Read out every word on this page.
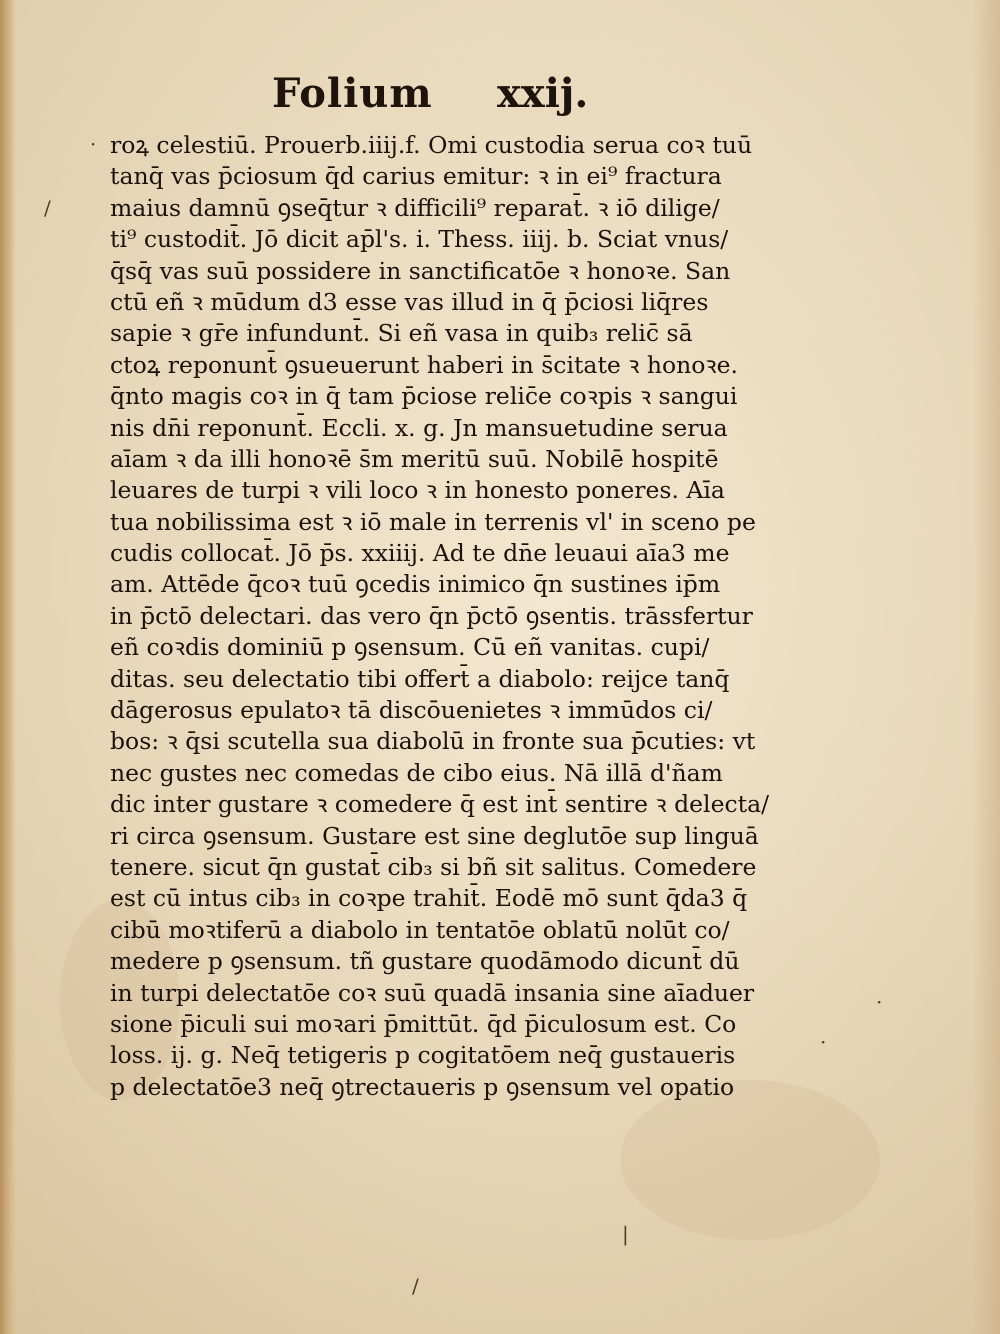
Folium xxij.
roꝝ celestiū. Prouerb.iiij.f. Omi custodia serua coꝛ tuū
tanq̄ vas p̄ciosum q̄d carius emitur: ꝛ in ei⁹ fractura
maius damnū ꝯseq̄tur ꝛ difficili⁹ reparat̄. ꝛ iō dilige/
ti⁹ custodit̄. Jō dicit ap̄l's. i. Thess. iiij. b. Sciat vnus/
q̄sq̄ vas suū possidere in sanctificatōe ꝛ honoꝛe. San
ctū eñ ꝛ mūdum d3 esse vas illud in q̄ p̄ciosi liq̄res
sapie ꝛ gr̄e infundunt̄. Si eñ vasa in quib₃ relic̄ sā
ctoꝝ reponunt̄ ꝯsueuerunt haberi in s̄citate ꝛ honoꝛe.
q̄nto magis coꝛ in q̄ tam p̄ciose relic̄e coꝛpis ꝛ sangui
nis dn̄i reponunt̄. Eccli. x. g. Jn mansuetudine serua
aīam ꝛ da illi honoꝛē s̄m meritū suū. Nobilē hospitē
leuares de turpi ꝛ vili loco ꝛ in honesto poneres. Aīa
tua nobilissima est ꝛ iō male in terrenis vl' in sceno pe
cudis collocat̄. Jō p̄s. xxiiij. Ad te dn̄e leuaui aīa3 me
am. Attēde q̄coꝛ tuū ꝯcedis inimico q̄n sustines ip̄m
in p̄ctō delectari. das vero q̄n p̄ctō ꝯsentis. trāssfertur
eñ coꝛdis dominiū p ꝯsensum. Cū eñ vanitas. cupi/
ditas. seu delectatio tibi offert̄ a diabolo: reijce tanq̄
dāgerosus epulatoꝛ tā discōuenietes ꝛ immūdos ci/
bos: ꝛ q̄si scutella sua diabolū in fronte sua p̄cuties: vt
nec gustes nec comedas de cibo eius. Nā illā d'ñam
dic inter gustare ꝛ comedere q̄ est int̄ sentire ꝛ delecta/
ri circa ꝯsensum. Gustare est sine deglutōe sup linguā
tenere. sicut q̄n gustat̄ cib₃ si bñ sit salitus. Comedere
est cū intus cib₃ in coꝛpe trahit̄. Eodē mō sunt q̄da3 q̄
cibū moꝛtiferū a diabolo in tentatōe oblatū nolūt co/
medere p ꝯsensum. tñ gustare quodāmodo dicunt̄ dū
in turpi delectatōe coꝛ suū quadā insania sine aīaduer
sione p̄iculi sui moꝛari p̄mittūt. q̄d p̄iculosum est. Co
loss. ij. g. Neq̄ tetigeris p cogitatōem neq̄ gustaueris
p delectatōe3 neq̄ ꝯtrectaueris p ꝯsensum vel opatio
·
/
·
·
|
/
